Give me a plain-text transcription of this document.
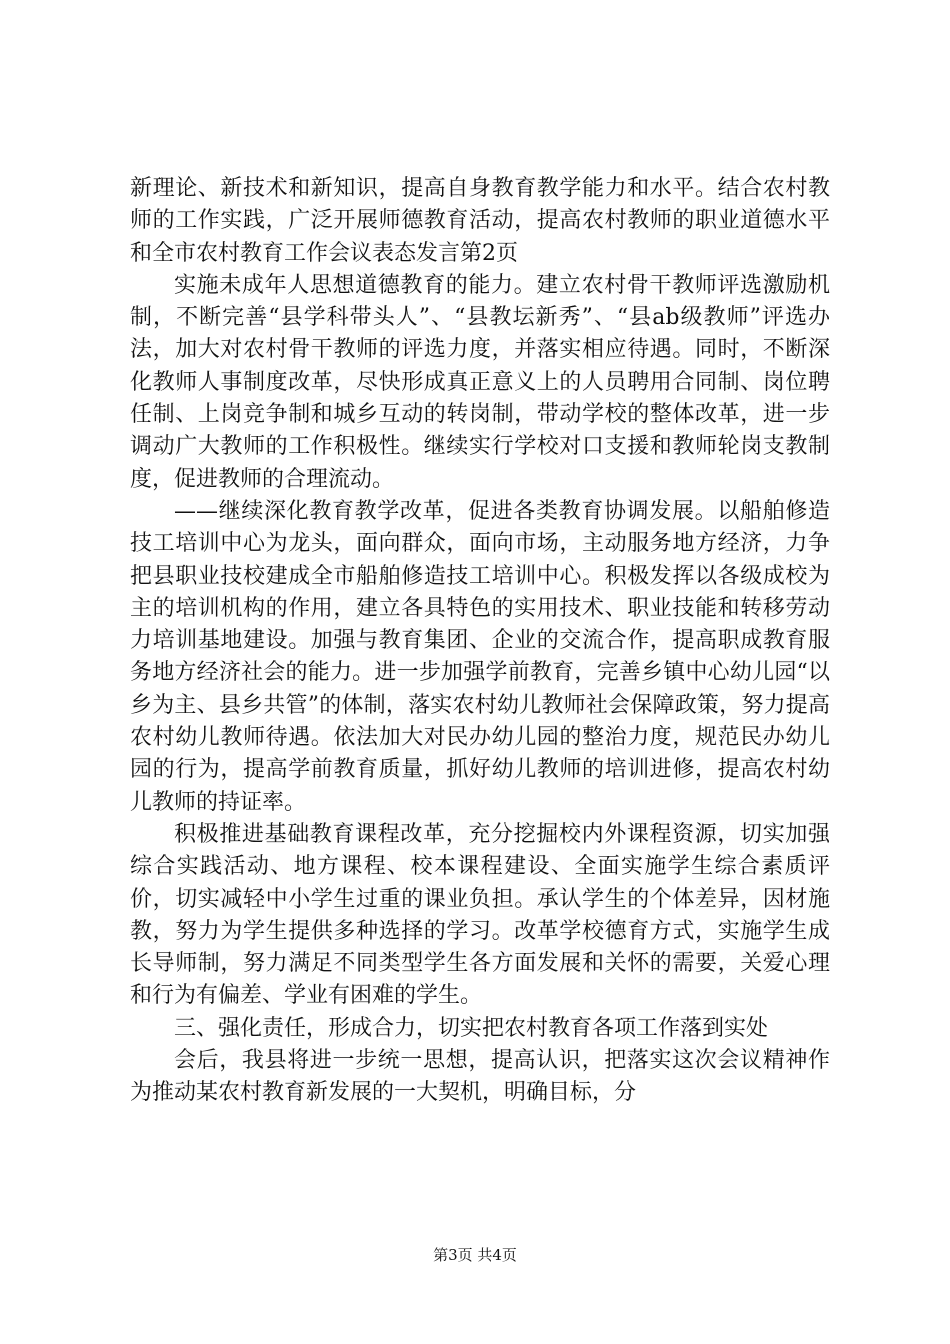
新理论、新技术和新知识，提高自身教育教学能力和水平。结合农村教师的工作实践，广泛开展师德教育活动，提高农村教师的职业道德水平和全市农村教育工作会议表态发言第2页

实施未成年人思想道德教育的能力。建立农村骨干教师评选激励机制，不断完善“县学科带头人”、“县教坛新秀”、“县ab级教师”评选办法，加大对农村骨干教师的评选力度，并落实相应待遇。同时，不断深化教师人事制度改革，尽快形成真正意义上的人员聘用合同制、岗位聘任制、上岗竞争制和城乡互动的转岗制，带动学校的整体改革，进一步调动广大教师的工作积极性。继续实行学校对口支援和教师轮岗支教制度，促进教师的合理流动。

——继续深化教育教学改革，促进各类教育协调发展。以船舶修造技工培训中心为龙头，面向群众，面向市场，主动服务地方经济，力争把县职业技校建成全市船舶修造技工培训中心。积极发挥以各级成校为主的培训机构的作用，建立各具特色的实用技术、职业技能和转移劳动力培训基地建设。加强与教育集团、企业的交流合作，提高职成教育服务地方经济社会的能力。进一步加强学前教育，完善乡镇中心幼儿园“以乡为主、县乡共管”的体制，落实农村幼儿教师社会保障政策，努力提高农村幼儿教师待遇。依法加大对民办幼儿园的整治力度，规范民办幼儿园的行为，提高学前教育质量，抓好幼儿教师的培训进修，提高农村幼儿教师的持证率。

积极推进基础教育课程改革，充分挖掘校内外课程资源，切实加强综合实践活动、地方课程、校本课程建设、全面实施学生综合素质评价，切实减轻中小学生过重的课业负担。承认学生的个体差异，因材施教，努力为学生提供多种选择的学习。改革学校德育方式，实施学生成长导师制，努力满足不同类型学生各方面发展和关怀的需要，关爱心理和行为有偏差、学业有困难的学生。

三、强化责任，形成合力，切实把农村教育各项工作落到实处

会后，我县将进一步统一思想，提高认识，把落实这次会议精神作为推动某农村教育新发展的一大契机，明确目标，分

第3页 共4页
